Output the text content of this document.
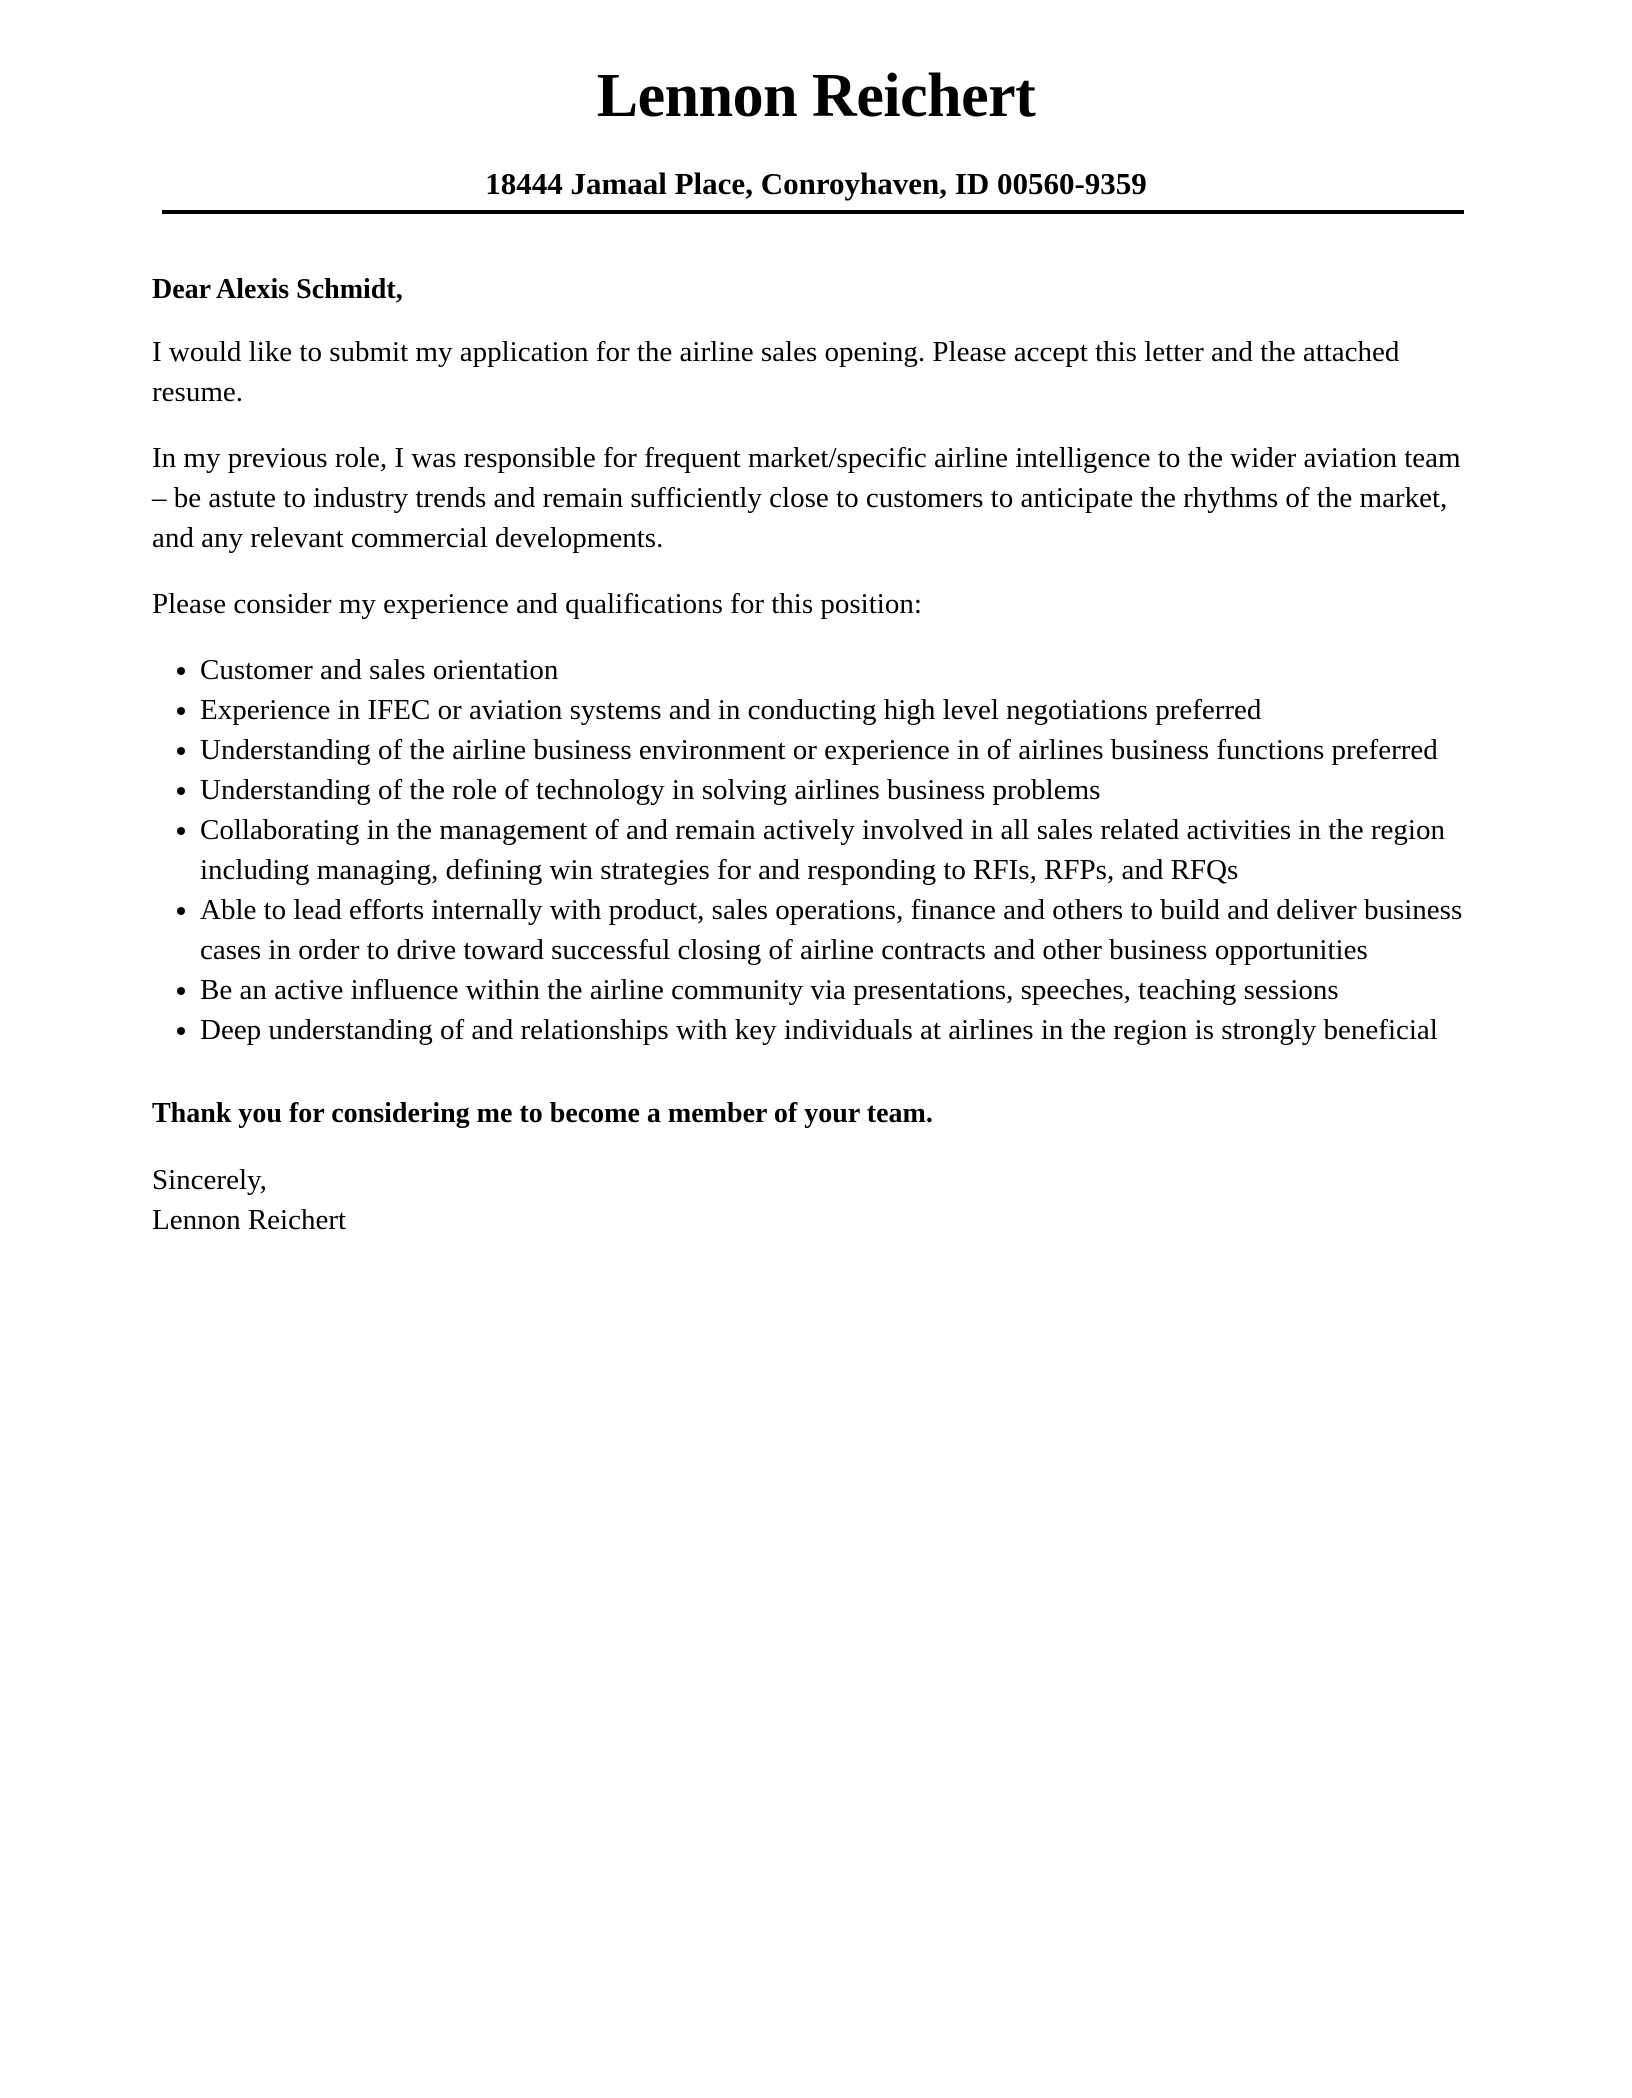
Lennon Reichert
18444 Jamaal Place, Conroyhaven, ID 00560-9359

Dear Alexis Schmidt,

I would like to submit my application for the airline sales opening. Please accept this letter and the attached resume.

In my previous role, I was responsible for frequent market/specific airline intelligence to the wider aviation team – be astute to industry trends and remain sufficiently close to customers to anticipate the rhythms of the market, and any relevant commercial developments.

Please consider my experience and qualifications for this position:

• Customer and sales orientation
• Experience in IFEC or aviation systems and in conducting high level negotiations preferred
• Understanding of the airline business environment or experience in of airlines business functions preferred
• Understanding of the role of technology in solving airlines business problems
• Collaborating in the management of and remain actively involved in all sales related activities in the region including managing, defining win strategies for and responding to RFIs, RFPs, and RFQs
• Able to lead efforts internally with product, sales operations, finance and others to build and deliver business cases in order to drive toward successful closing of airline contracts and other business opportunities
• Be an active influence within the airline community via presentations, speeches, teaching sessions
• Deep understanding of and relationships with key individuals at airlines in the region is strongly beneficial

Thank you for considering me to become a member of your team.

Sincerely,
Lennon Reichert
